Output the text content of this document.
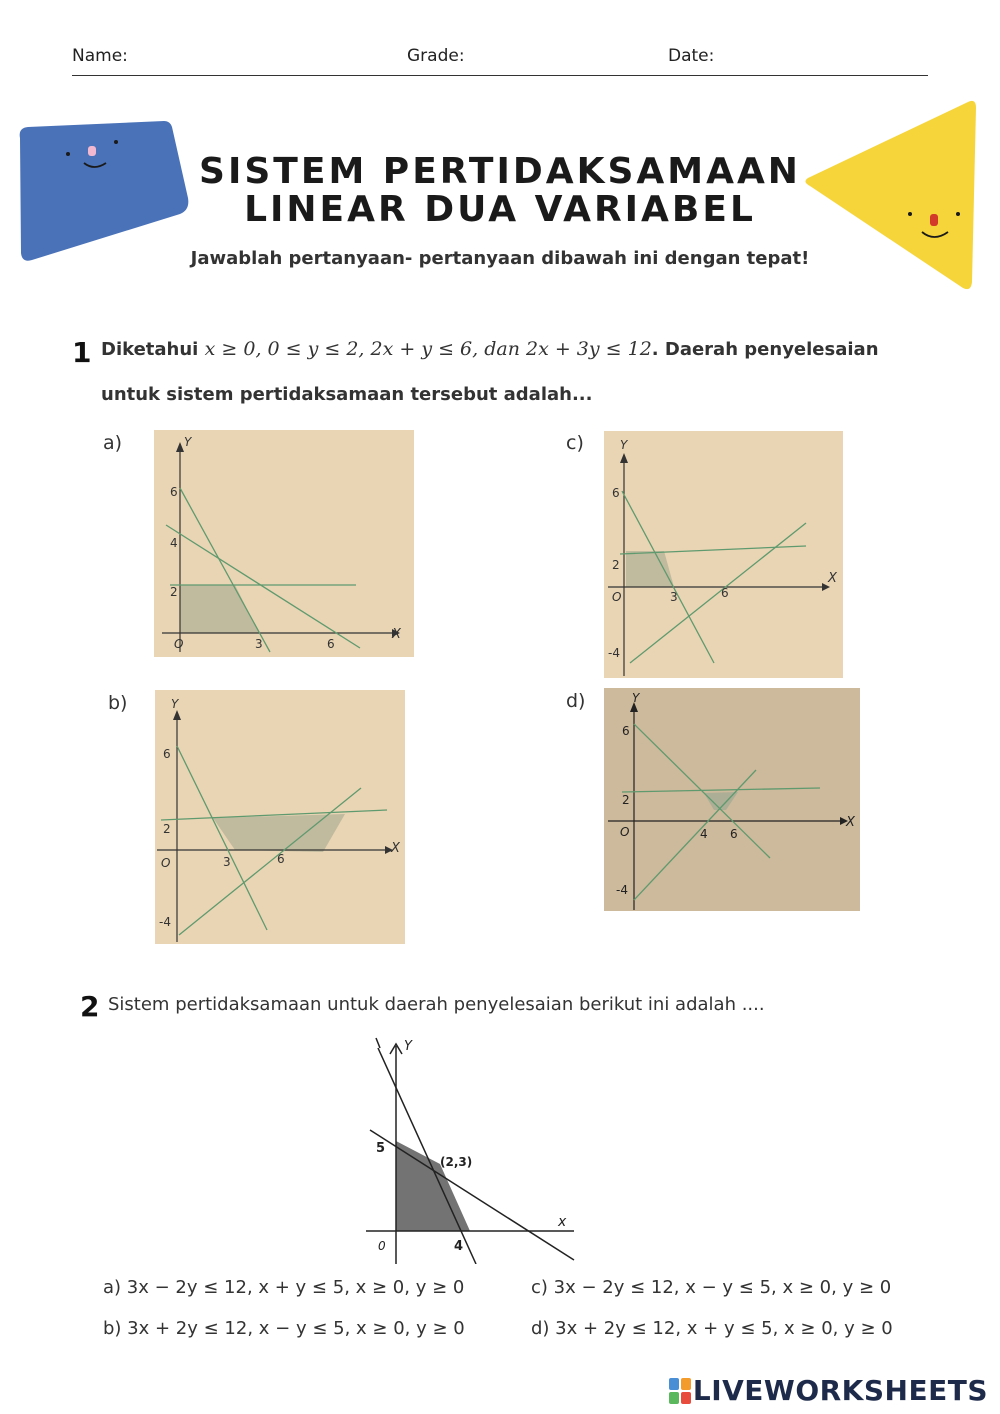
Name:	Grade:	Date:
SISTEM PERTIDAKSAMAAN
LINEAR DUA VARIABEL
Jawablah pertanyaan- pertanyaan dibawah ini dengan tepat!
1 Diketahui x ≥ 0, 0 ≤ y ≤ 2, 2x + y ≤ 6, dan 2x + 3y ≤ 12. Daerah penyelesaian
untuk sistem pertidaksamaan tersebut adalah...
a)
b)
c)
d)
Y
X
O	3	6
6
4
2
Y
X
O	3	6
6
2
-4
Y
X
O	3	6
6
2
-4
Y
X
O	4 6
6
2
-4
2 Sistem pertidaksamaan untuk daerah penyelesaian berikut ini adalah ....
Y
x
0
5
4
(2,3)
a) 3x − 2y ≤ 12, x + y ≤ 5, x ≥ 0, y ≥ 0
b) 3x + 2y ≤ 12, x − y ≤ 5, x ≥ 0, y ≥ 0
c) 3x − 2y ≤ 12, x − y ≤ 5, x ≥ 0, y ≥ 0
d) 3x + 2y ≤ 12, x + y ≤ 5, x ≥ 0, y ≥ 0
LIVEWORKSHEETS
